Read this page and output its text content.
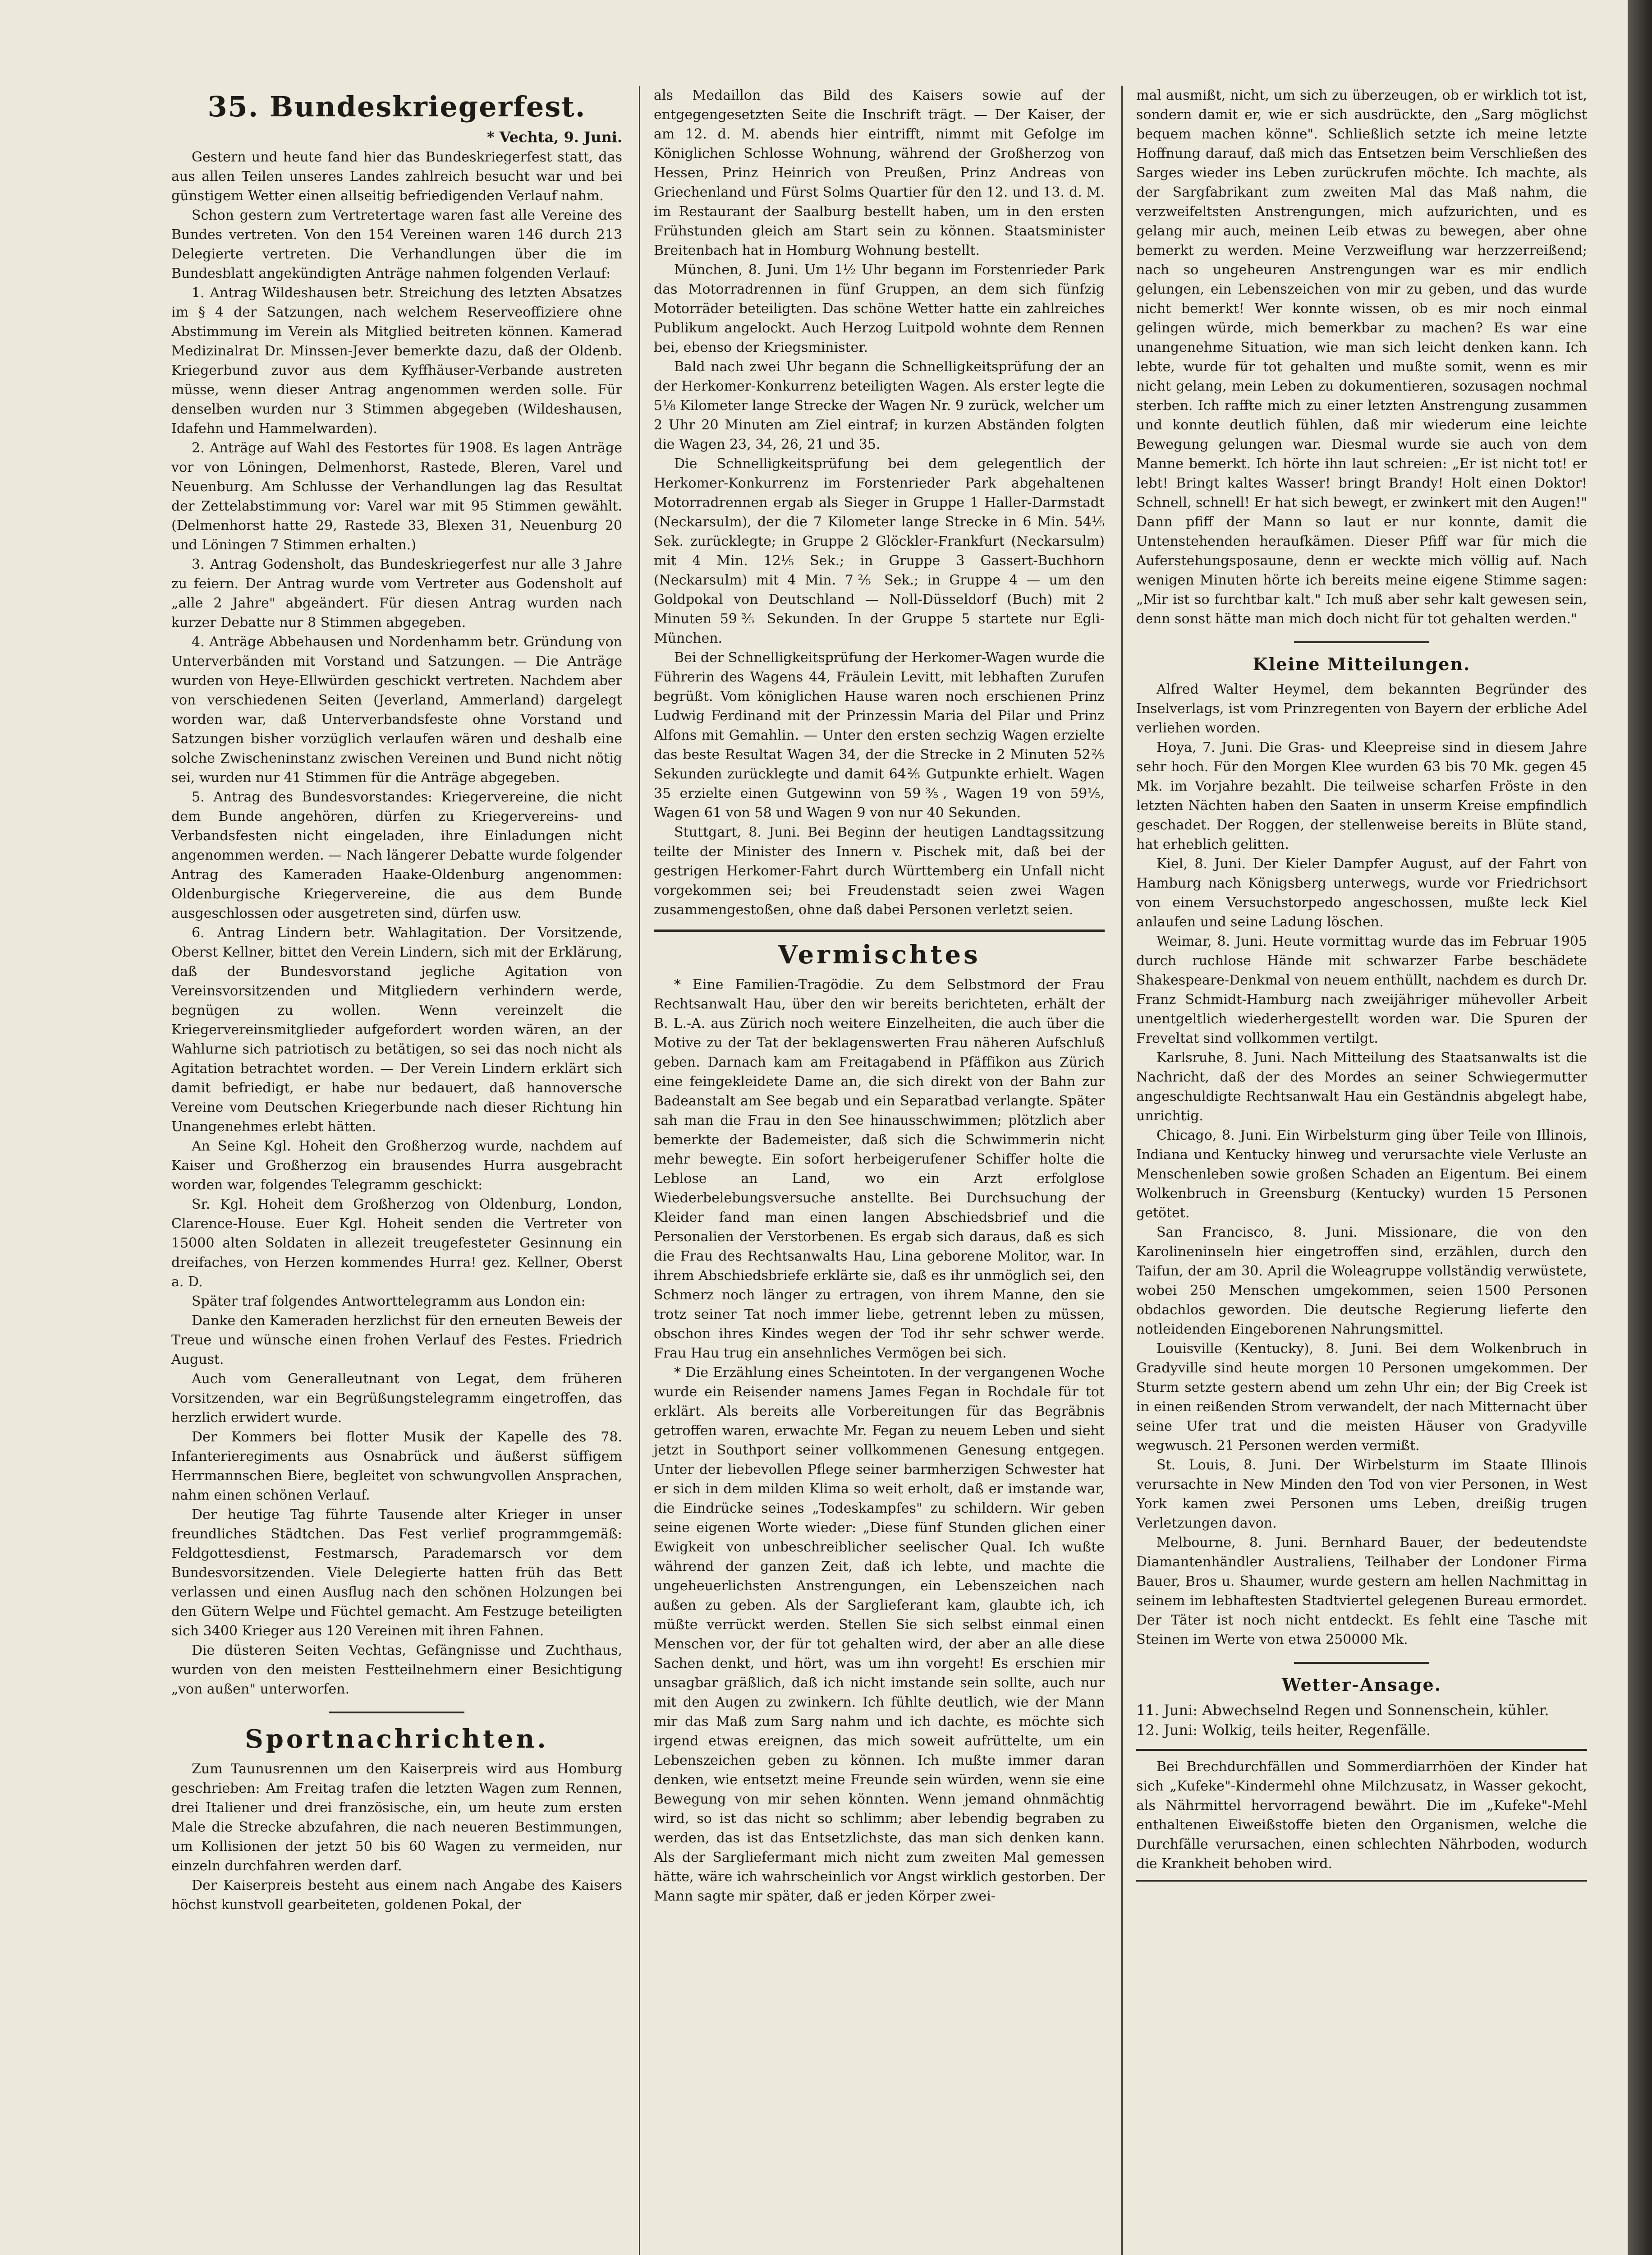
35. Bundeskriegerfest.
* Vechta, 9. Juni.

Gestern und heute fand hier das Bundeskriegerfest statt, das aus allen Teilen unseres Landes zahlreich besucht war und bei günstigem Wetter einen allseitig befriedigenden Verlauf nahm.

Schon gestern zum Vertretertage waren fast alle Vereine des Bundes vertreten. Von den 154 Vereinen waren 146 durch 213 Delegierte vertreten. Die Verhandlungen über die im Bundesblatt angekündigten Anträge nahmen folgenden Verlauf:

1. Antrag Wildeshausen betr. Streichung des letzten Absatzes im § 4 der Satzungen, nach welchem Reserveoffiziere ohne Abstimmung im Verein als Mitglied beitreten können. Kamerad Medizinalrat Dr. Minssen-Jever bemerkte dazu, daß der Oldenb. Kriegerbund zuvor aus dem Kyffhäuser-Verbande austreten müsse, wenn dieser Antrag angenommen werden solle. Für denselben wurden nur 3 Stimmen abgegeben (Wildeshausen, Idafehn und Hammelwarden).

2. Anträge auf Wahl des Festortes für 1908. Es lagen Anträge vor von Löningen, Delmenhorst, Rastede, Bleren, Varel und Neuenburg. Am Schlusse der Verhandlungen lag das Resultat der Zettelabstimmung vor: Varel war mit 95 Stimmen gewählt. (Delmenhorst hatte 29, Rastede 33, Blexen 31, Neuenburg 20 und Löningen 7 Stimmen erhalten.)

3. Antrag Godensholt, das Bundeskriegerfest nur alle 3 Jahre zu feiern. Der Antrag wurde vom Vertreter aus Godensholt auf „alle 2 Jahre" abgeändert. Für diesen Antrag wurden nach kurzer Debatte nur 8 Stimmen abgegeben.

4. Anträge Abbehausen und Nordenhamm betr. Gründung von Unterverbänden mit Vorstand und Satzungen. — Die Anträge wurden von Heye-Ellwürden geschickt vertreten. Nachdem aber von verschiedenen Seiten (Jeverland, Ammerland) dargelegt worden war, daß Unterverbandsfeste ohne Vorstand und Satzungen bisher vorzüglich verlaufen wären und deshalb eine solche Zwischeninstanz zwischen Vereinen und Bund nicht nötig sei, wurden nur 41 Stimmen für die Anträge abgegeben.

5. Antrag des Bundesvorstandes: Kriegervereine, die nicht dem Bunde angehören, dürfen zu Kriegervereins- und Verbandsfesten nicht eingeladen, ihre Einladungen nicht angenommen werden. — Nach längerer Debatte wurde folgender Antrag des Kameraden Haake-Oldenburg angenommen: Oldenburgische Kriegervereine, die aus dem Bunde ausgeschlossen oder ausgetreten sind, dürfen usw.

6. Antrag Lindern betr. Wahlagitation. Der Vorsitzende, Oberst Kellner, bittet den Verein Lindern, sich mit der Erklärung, daß der Bundesvorstand jegliche Agitation von Vereinsvorsitzenden und Mitgliedern verhindern werde, begnügen zu wollen. Wenn vereinzelt die Kriegervereinsmitglieder aufgefordert worden wären, an der Wahlurne sich patriotisch zu betätigen, so sei das noch nicht als Agitation betrachtet worden. — Der Verein Lindern erklärt sich damit befriedigt, er habe nur bedauert, daß hannoversche Vereine vom Deutschen Kriegerbunde nach dieser Richtung hin Unangenehmes erlebt hätten.

An Seine Kgl. Hoheit den Großherzog wurde, nachdem auf Kaiser und Großherzog ein brausendes Hurra ausgebracht worden war, folgendes Telegramm geschickt:

Sr. Kgl. Hoheit dem Großherzog von Oldenburg, London, Clarence-House. Euer Kgl. Hoheit senden die Vertreter von 15000 alten Soldaten in allezeit treugefesteter Gesinnung ein dreifaches, von Herzen kommendes Hurra! gez. Kellner, Oberst a. D.

Später traf folgendes Antworttelegramm aus London ein:

Danke den Kameraden herzlichst für den erneuten Beweis der Treue und wünsche einen frohen Verlauf des Festes. Friedrich August.

Auch vom Generalleutnant von Legat, dem früheren Vorsitzenden, war ein Begrüßungstelegramm eingetroffen, das herzlich erwidert wurde.

Der Kommers bei flotter Musik der Kapelle des 78. Infanterieregiments aus Osnabrück und äußerst süffigem Herrmannschen Biere, begleitet von schwungvollen Ansprachen, nahm einen schönen Verlauf.

Der heutige Tag führte Tausende alter Krieger in unser freundliches Städtchen. Das Fest verlief programmgemäß: Feldgottesdienst, Festmarsch, Parademarsch vor dem Bundesvorsitzenden. Viele Delegierte hatten früh das Bett verlassen und einen Ausflug nach den schönen Holzungen bei den Gütern Welpe und Füchtel gemacht. Am Festzuge beteiligten sich 3400 Krieger aus 120 Vereinen mit ihren Fahnen.

Die düsteren Seiten Vechtas, Gefängnisse und Zuchthaus, wurden von den meisten Festteilnehmern einer Besichtigung „von außen" unterworfen.

Sportnachrichten.

Zum Taunusrennen um den Kaiserpreis wird aus Homburg geschrieben: Am Freitag trafen die letzten Wagen zum Rennen, drei Italiener und drei französische, ein, um heute zum ersten Male die Strecke abzufahren, die nach neueren Bestimmungen, um Kollisionen der jetzt 50 bis 60 Wagen zu vermeiden, nur einzeln durchfahren werden darf.

Der Kaiserpreis besteht aus einem nach Angabe des Kaisers höchst kunstvoll gearbeiteten, goldenen Pokal, der

als Medaillon das Bild des Kaisers sowie auf der entgegengesetzten Seite die Inschrift trägt. — Der Kaiser, der am 12. d. M. abends hier eintrifft, nimmt mit Gefolge im Königlichen Schlosse Wohnung, während der Großherzog von Hessen, Prinz Heinrich von Preußen, Prinz Andreas von Griechenland und Fürst Solms Quartier für den 12. und 13. d. M. im Restaurant der Saalburg bestellt haben, um in den ersten Frühstunden gleich am Start sein zu können. Staatsminister Breitenbach hat in Homburg Wohnung bestellt.

München, 8. Juni. Um 1½ Uhr begann im Forstenrieder Park das Motorradrennen in fünf Gruppen, an dem sich fünfzig Motorräder beteiligten. Das schöne Wetter hatte ein zahlreiches Publikum angelockt. Auch Herzog Luitpold wohnte dem Rennen bei, ebenso der Kriegsminister.

Bald nach zwei Uhr begann die Schnelligkeitsprüfung der an der Herkomer-Konkurrenz beteiligten Wagen. Als erster legte die 5⅛ Kilometer lange Strecke der Wagen Nr. 9 zurück, welcher um 2 Uhr 20 Minuten am Ziel eintraf; in kurzen Abständen folgten die Wagen 23, 34, 26, 21 und 35.

Die Schnelligkeitsprüfung bei dem gelegentlich der Herkomer-Konkurrenz im Forstenrieder Park abgehaltenen Motorradrennen ergab als Sieger in Gruppe 1 Haller-Darmstadt (Neckarsulm), der die 7 Kilometer lange Strecke in 6 Min. 54⅕ Sek. zurücklegte; in Gruppe 2 Glöckler-Frankfurt (Neckarsulm) mit 4 Min. 12⅕ Sek.; in Gruppe 3 Gassert-Buchhorn (Neckarsulm) mit 4 Min. 7⅖ Sek.; in Gruppe 4 — um den Goldpokal von Deutschland — Noll-Düsseldorf (Buch) mit 2 Minuten 59⅗ Sekunden. In der Gruppe 5 startete nur Egli-München.

Bei der Schnelligkeitsprüfung der Herkomer-Wagen wurde die Führerin des Wagens 44, Fräulein Levitt, mit lebhaften Zurufen begrüßt. Vom königlichen Hause waren noch erschienen Prinz Ludwig Ferdinand mit der Prinzessin Maria del Pilar und Prinz Alfons mit Gemahlin. — Unter den ersten sechzig Wagen erzielte das beste Resultat Wagen 34, der die Strecke in 2 Minuten 52⅖ Sekunden zurücklegte und damit 64⅖ Gutpunkte erhielt. Wagen 35 erzielte einen Gutgewinn von 59⅗, Wagen 19 von 59⅕, Wagen 61 von 58 und Wagen 9 von nur 40 Sekunden.

Stuttgart, 8. Juni. Bei Beginn der heutigen Landtagssitzung teilte der Minister des Innern v. Pischek mit, daß bei der gestrigen Herkomer-Fahrt durch Württemberg ein Unfall nicht vorgekommen sei; bei Freudenstadt seien zwei Wagen zusammengestoßen, ohne daß dabei Personen verletzt seien.

Vermischtes

* Eine Familien-Tragödie. Zu dem Selbstmord der Frau Rechtsanwalt Hau, über den wir bereits berichteten, erhält der B. L.-A. aus Zürich noch weitere Einzelheiten, die auch über die Motive zu der Tat der beklagenswerten Frau näheren Aufschluß geben. Darnach kam am Freitagabend in Pfäffikon aus Zürich eine feingekleidete Dame an, die sich direkt von der Bahn zur Badeanstalt am See begab und ein Separatbad verlangte. Später sah man die Frau in den See hinausschwimmen; plötzlich aber bemerkte der Bademeister, daß sich die Schwimmerin nicht mehr bewegte. Ein sofort herbeigerufener Schiffer holte die Leblose an Land, wo ein Arzt erfolglose Wiederbelebungsversuche anstellte. Bei Durchsuchung der Kleider fand man einen langen Abschiedsbrief und die Personalien der Verstorbenen. Es ergab sich daraus, daß es sich die Frau des Rechtsanwalts Hau, Lina geborene Molitor, war. In ihrem Abschiedsbriefe erklärte sie, daß es ihr unmöglich sei, den Schmerz noch länger zu ertragen, von ihrem Manne, den sie trotz seiner Tat noch immer liebe, getrennt leben zu müssen, obschon ihres Kindes wegen der Tod ihr sehr schwer werde. Frau Hau trug ein ansehnliches Vermögen bei sich.

* Die Erzählung eines Scheintoten. In der vergangenen Woche wurde ein Reisender namens James Fegan in Rochdale für tot erklärt. Als bereits alle Vorbereitungen für das Begräbnis getroffen waren, erwachte Mr. Fegan zu neuem Leben und sieht jetzt in Southport seiner vollkommenen Genesung entgegen. Unter der liebevollen Pflege seiner barmherzigen Schwester hat er sich in dem milden Klima so weit erholt, daß er imstande war, die Eindrücke seines „Todeskampfes" zu schildern. Wir geben seine eigenen Worte wieder: „Diese fünf Stunden glichen einer Ewigkeit von unbeschreiblicher seelischer Qual. Ich wußte während der ganzen Zeit, daß ich lebte, und machte die ungeheuerlichsten Anstrengungen, ein Lebenszeichen nach außen zu geben. Als der Sarglieferant kam, glaubte ich, ich müßte verrückt werden. Stellen Sie sich selbst einmal einen Menschen vor, der für tot gehalten wird, der aber an alle diese Sachen denkt, und hört, was um ihn vorgeht! Es erschien mir unsagbar gräßlich, daß ich nicht imstande sein sollte, auch nur mit den Augen zu zwinkern. Ich fühlte deutlich, wie der Mann mir das Maß zum Sarg nahm und ich dachte, es möchte sich irgend etwas ereignen, das mich soweit aufrüttelte, um ein Lebenszeichen geben zu können. Ich mußte immer daran denken, wie entsetzt meine Freunde sein würden, wenn sie eine Bewegung von mir sehen könnten. Wenn jemand ohnmächtig wird, so ist das nicht so schlimm; aber lebendig begraben zu werden, das ist das Entsetzlichste, das man sich denken kann. Als der Sargliefermant mich nicht zum zweiten Mal gemessen hätte, wäre ich wahrscheinlich vor Angst wirklich gestorben. Der Mann sagte mir später, daß er jeden Körper zwei-

mal ausmißt, nicht, um sich zu überzeugen, ob er wirklich tot ist, sondern damit er, wie er sich ausdrückte, den „Sarg möglichst bequem machen könne". Schließlich setzte ich meine letzte Hoffnung darauf, daß mich das Entsetzen beim Verschließen des Sarges wieder ins Leben zurückrufen möchte. Ich machte, als der Sargfabrikant zum zweiten Mal das Maß nahm, die verzweifeltsten Anstrengungen, mich aufzurichten, und es gelang mir auch, meinen Leib etwas zu bewegen, aber ohne bemerkt zu werden. Meine Verzweiflung war herzzerreißend; nach so ungeheuren Anstrengungen war es mir endlich gelungen, ein Lebenszeichen von mir zu geben, und das wurde nicht bemerkt! Wer konnte wissen, ob es mir noch einmal gelingen würde, mich bemerkbar zu machen? Es war eine unangenehme Situation, wie man sich leicht denken kann. Ich lebte, wurde für tot gehalten und mußte somit, wenn es mir nicht gelang, mein Leben zu dokumentieren, sozusagen nochmal sterben. Ich raffte mich zu einer letzten Anstrengung zusammen und konnte deutlich fühlen, daß mir wiederum eine leichte Bewegung gelungen war. Diesmal wurde sie auch von dem Manne bemerkt. Ich hörte ihn laut schreien: „Er ist nicht tot! er lebt! Bringt kaltes Wasser! bringt Brandy! Holt einen Doktor! Schnell, schnell! Er hat sich bewegt, er zwinkert mit den Augen!" Dann pfiff der Mann so laut er nur konnte, damit die Untenstehenden heraufkämen. Dieser Pfiff war für mich die Auferstehungsposaune, denn er weckte mich völlig auf. Nach wenigen Minuten hörte ich bereits meine eigene Stimme sagen: „Mir ist so furchtbar kalt." Ich muß aber sehr kalt gewesen sein, denn sonst hätte man mich doch nicht für tot gehalten werden."

Kleine Mitteilungen.

Alfred Walter Heymel, dem bekannten Begründer des Inselverlags, ist vom Prinzregenten von Bayern der erbliche Adel verliehen worden.

Hoya, 7. Juni. Die Gras- und Kleepreise sind in diesem Jahre sehr hoch. Für den Morgen Klee wurden 63 bis 70 Mk. gegen 45 Mk. im Vorjahre bezahlt. Die teilweise scharfen Fröste in den letzten Nächten haben den Saaten in unserm Kreise empfindlich geschadet. Der Roggen, der stellenweise bereits in Blüte stand, hat erheblich gelitten.

Kiel, 8. Juni. Der Kieler Dampfer August, auf der Fahrt von Hamburg nach Königsberg unterwegs, wurde vor Friedrichsort von einem Versuchstorpedo angeschossen, mußte leck Kiel anlaufen und seine Ladung löschen.

Weimar, 8. Juni. Heute vormittag wurde das im Februar 1905 durch ruchlose Hände mit schwarzer Farbe beschädete Shakespeare-Denkmal von neuem enthüllt, nachdem es durch Dr. Franz Schmidt-Hamburg nach zweijähriger mühevoller Arbeit unentgeltlich wiederhergestellt worden war. Die Spuren der Freveltat sind vollkommen vertilgt.

Karlsruhe, 8. Juni. Nach Mitteilung des Staatsanwalts ist die Nachricht, daß der des Mordes an seiner Schwiegermutter angeschuldigte Rechtsanwalt Hau ein Geständnis abgelegt habe, unrichtig.

Chicago, 8. Juni. Ein Wirbelsturm ging über Teile von Illinois, Indiana und Kentucky hinweg und verursachte viele Verluste an Menschenleben sowie großen Schaden an Eigentum. Bei einem Wolkenbruch in Greensburg (Kentucky) wurden 15 Personen getötet.

San Francisco, 8. Juni. Missionare, die von den Karolineninseln hier eingetroffen sind, erzählen, durch den Taifun, der am 30. April die Woleagruppe vollständig verwüstete, wobei 250 Menschen umgekommen, seien 1500 Personen obdachlos geworden. Die deutsche Regierung lieferte den notleidenden Eingeborenen Nahrungsmittel.

Louisville (Kentucky), 8. Juni. Bei dem Wolkenbruch in Gradyville sind heute morgen 10 Personen umgekommen. Der Sturm setzte gestern abend um zehn Uhr ein; der Big Creek ist in einen reißenden Strom verwandelt, der nach Mitternacht über seine Ufer trat und die meisten Häuser von Gradyville wegwusch. 21 Personen werden vermißt.

St. Louis, 8. Juni. Der Wirbelsturm im Staate Illinois verursachte in New Minden den Tod von vier Personen, in West York kamen zwei Personen ums Leben, dreißig trugen Verletzungen davon.

Melbourne, 8. Juni. Bernhard Bauer, der bedeutendste Diamantenhändler Australiens, Teilhaber der Londoner Firma Bauer, Bros u. Shaumer, wurde gestern am hellen Nachmittag in seinem im lebhaftesten Stadtviertel gelegenen Bureau ermordet. Der Täter ist noch nicht entdeckt. Es fehlt eine Tasche mit Steinen im Werte von etwa 250000 Mk.

Wetter-Ansage.

11. Juni: Abwechselnd Regen und Sonnenschein, kühler.

12. Juni: Wolkig, teils heiter, Regenfälle.

Bei Brechdurchfällen und Sommerdiarrhöen der Kinder hat sich „Kufeke"-Kindermehl ohne Milchzusatz, in Wasser gekocht, als Nährmittel hervorragend bewährt. Die im „Kufeke"-Mehl enthaltenen Eiweißstoffe bieten den Organismen, welche die Durchfälle verursachen, einen schlechten Nährboden, wodurch die Krankheit behoben wird.
